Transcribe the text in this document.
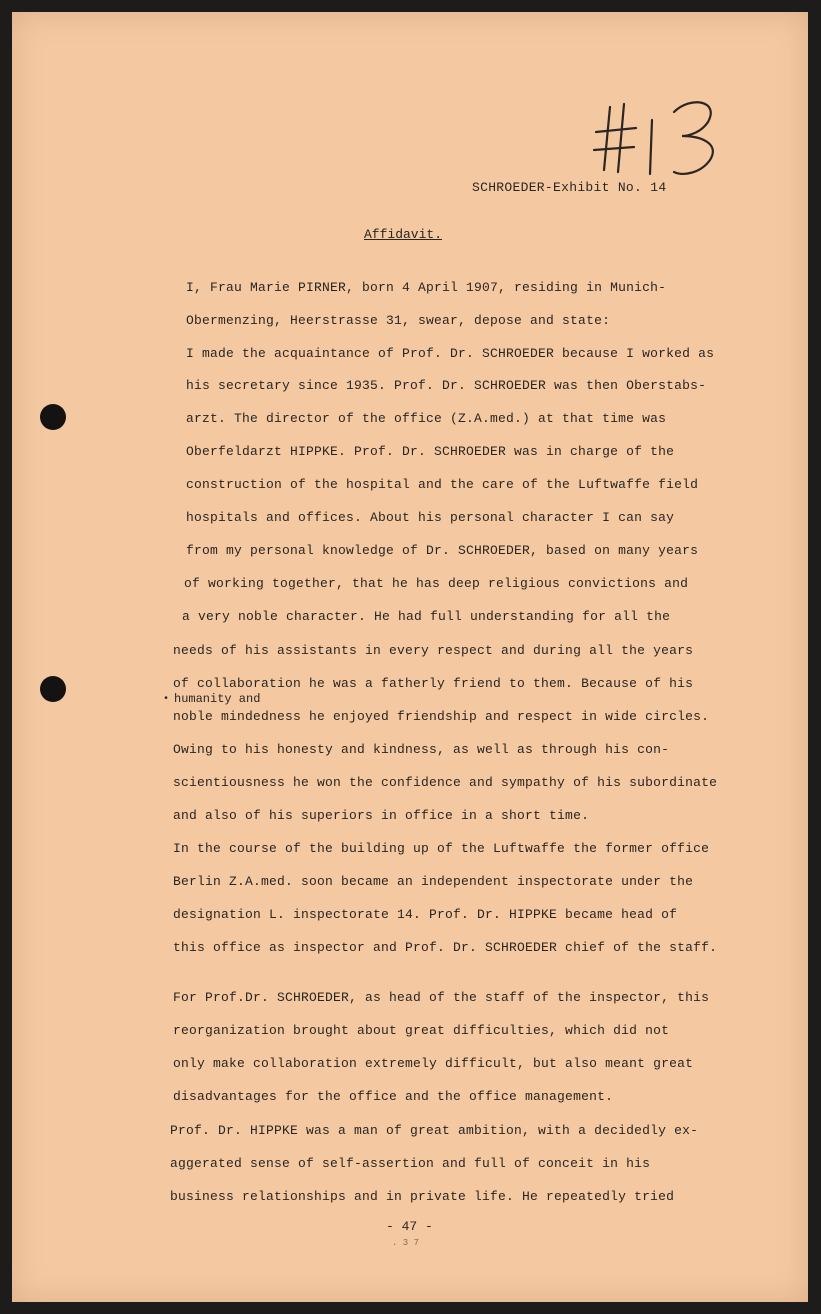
SCHROEDER-Exhibit No. 14
Affidavit.
I, Frau Marie PIRNER, born 4 April 1907, residing in Munich-
Obermenzing, Heerstrasse 31, swear, depose and state:
I made the acquaintance of Prof. Dr. SCHROEDER because I worked as
his secretary since 1935. Prof. Dr. SCHROEDER was then Oberstabs-
arzt. The director of the office (Z.A.med.) at that time was
Oberfeldarzt HIPPKE. Prof. Dr. SCHROEDER was in charge of the
construction of the hospital and the care of the Luftwaffe field
hospitals and offices. About his personal character I can say
from my personal knowledge of Dr. SCHROEDER, based on many years
of working together, that he has deep religious convictions and
a very noble character. He had full understanding for all the
needs of his assistants in every respect and during all the years
of collaboration he was a fatherly friend to them. Because of his
• humanity and
noble mindedness he enjoyed friendship and respect in wide circles.
Owing to his honesty and kindness, as well as through his con-
scientiousness he won the confidence and sympathy of his subordinate
and also of his superiors in office in a short time.
In the course of the building up of the Luftwaffe the former office
Berlin Z.A.med. soon became an independent inspectorate under the
designation L. inspectorate 14. Prof. Dr. HIPPKE became head of
this office as inspector and Prof. Dr. SCHROEDER chief of the staff.
For Prof.Dr. SCHROEDER, as head of the staff of the inspector, this
reorganization brought about great difficulties, which did not
only make collaboration extremely difficult, but also meant great
disadvantages for the office and the office management.
Prof. Dr. HIPPKE was a man of great ambition, with a decidedly ex-
aggerated sense of self-assertion and full of conceit in his
business relationships and in private life. He repeatedly tried
- 47 -
. 3 7
